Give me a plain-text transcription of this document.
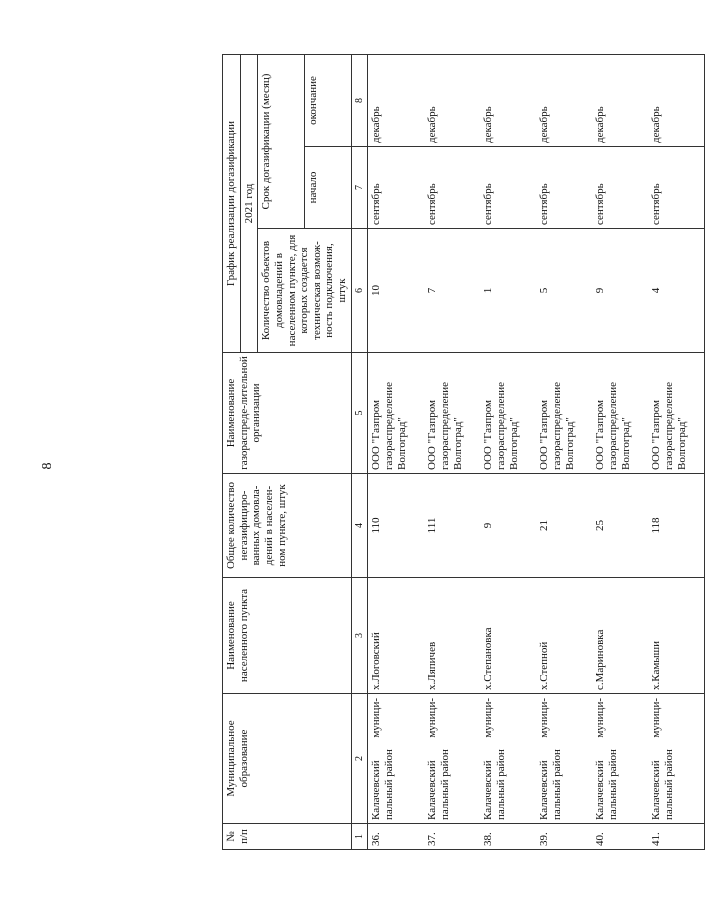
8
№ п/п	Муниципальное образование	Наименование населенного пункта	Общее количество негазифициро-ванных домовла-дений в населен-ном пункте, штук	Наименование газораспреде-лительной организации	График реализации догазификации		
					2021 год		
					Количество объектов домовладений в населенном пункте, для которых создается техническая возмож-ность подключения, штук	Срок догазификации (месяц)	
						начало	окончание
1	2	3	4	5	6	7	8
36.	Калачевский
муници-
пальный район	х.Логовский	110	ООО "Газпром газораспределение Волгоград"	10	сентябрь	декабрь
37.	Калачевский
муници-
пальный район	х.Ляпичев	111	ООО "Газпром газораспределение Волгоград"	7	сентябрь	декабрь
38.	Калачевский
муници-
пальный район	х.Степановка	9	ООО "Газпром газораспределение Волгоград"	1	сентябрь	декабрь
39.	Калачевский
муници-
пальный район	х.Степной	21	ООО "Газпром газораспределение Волгоград"	5	сентябрь	декабрь
40.	Калачевский
муници-
пальный район	с.Мариновка	25	ООО "Газпром газораспределение Волгоград"	9	сентябрь	декабрь
41.	Калачевский
муници-
пальный район	х.Камыши	118	ООО "Газпром газораспределение Волгоград"	4	сентябрь	декабрь
